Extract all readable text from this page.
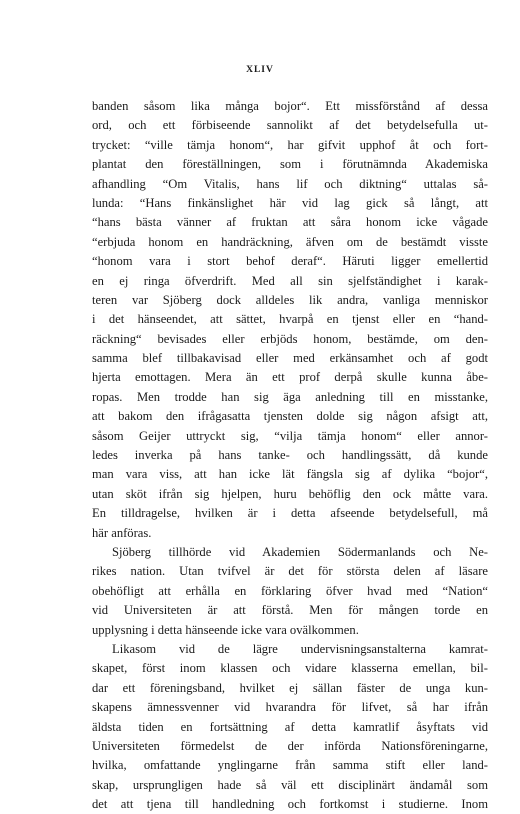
XLIV
banden såsom lika många bojor“. Ett missförstånd af dessa
ord, och ett förbiseende sannolikt af det betydelsefulla ut-
trycket: “ville tämja honom“, har gifvit upphof åt och fort-
plantat den föreställningen, som i förutnämnda Akademiska
afhandling “Om Vitalis, hans lif och diktning“ uttalas så-
lunda: “Hans finkänslighet här vid lag gick så långt, att
“hans bästa vänner af fruktan att såra honom icke vågade
“erbjuda honom en handräckning, äfven om de bestämdt visste
“honom vara i stort behof deraf“. Häruti ligger emellertid
en ej ringa öfverdrift. Med all sin sjelfständighet i karak-
teren var Sjöberg dock alldeles lik andra, vanliga menniskor
i det hänseendet, att sättet, hvarpå en tjenst eller en “hand-
räckning“ bevisades eller erbjöds honom, bestämde, om den-
samma blef tillbakavisad eller med erkänsamhet och af godt
hjerta emottagen. Mera än ett prof derpå skulle kunna åbe-
ropas. Men trodde han sig äga anledning till en misstanke,
att bakom den ifrågasatta tjensten dolde sig någon afsigt att,
såsom Geijer uttryckt sig, “vilja tämja honom“ eller annor-
ledes inverka på hans tanke- och handlingssätt, då kunde
man vara viss, att han icke lät fängsla sig af dylika “bojor“,
utan sköt ifrån sig hjelpen, huru behöflig den ock måtte vara.
En tilldragelse, hvilken är i detta afseende betydelsefull, må
här anföras.
Sjöberg tillhörde vid Akademien Södermanlands och Ne-
rikes nation. Utan tvifvel är det för största delen af läsare
obehöfligt att erhålla en förklaring öfver hvad med “Nation“
vid Universiteten är att förstå. Men för mången torde en
upplysning i detta hänseende icke vara ovälkommen.
Likasom vid de lägre undervisningsanstalterna kamrat-
skapet, först inom klassen och vidare klasserna emellan, bil-
dar ett föreningsband, hvilket ej sällan fäster de unga kun-
skapens ämnessvenner vid hvarandra för lifvet, så har ifrån
äldsta tiden en fortsättning af detta kamratlif åsyftats vid
Universiteten förmedelst de der införda Nationsföreningarne,
hvilka, omfattande ynglingarne från samma stift eller land-
skap, ursprungligen hade så väl ett disciplinärt ändamål som
det att tjena till handledning och fortkomst i studierne. Inom
